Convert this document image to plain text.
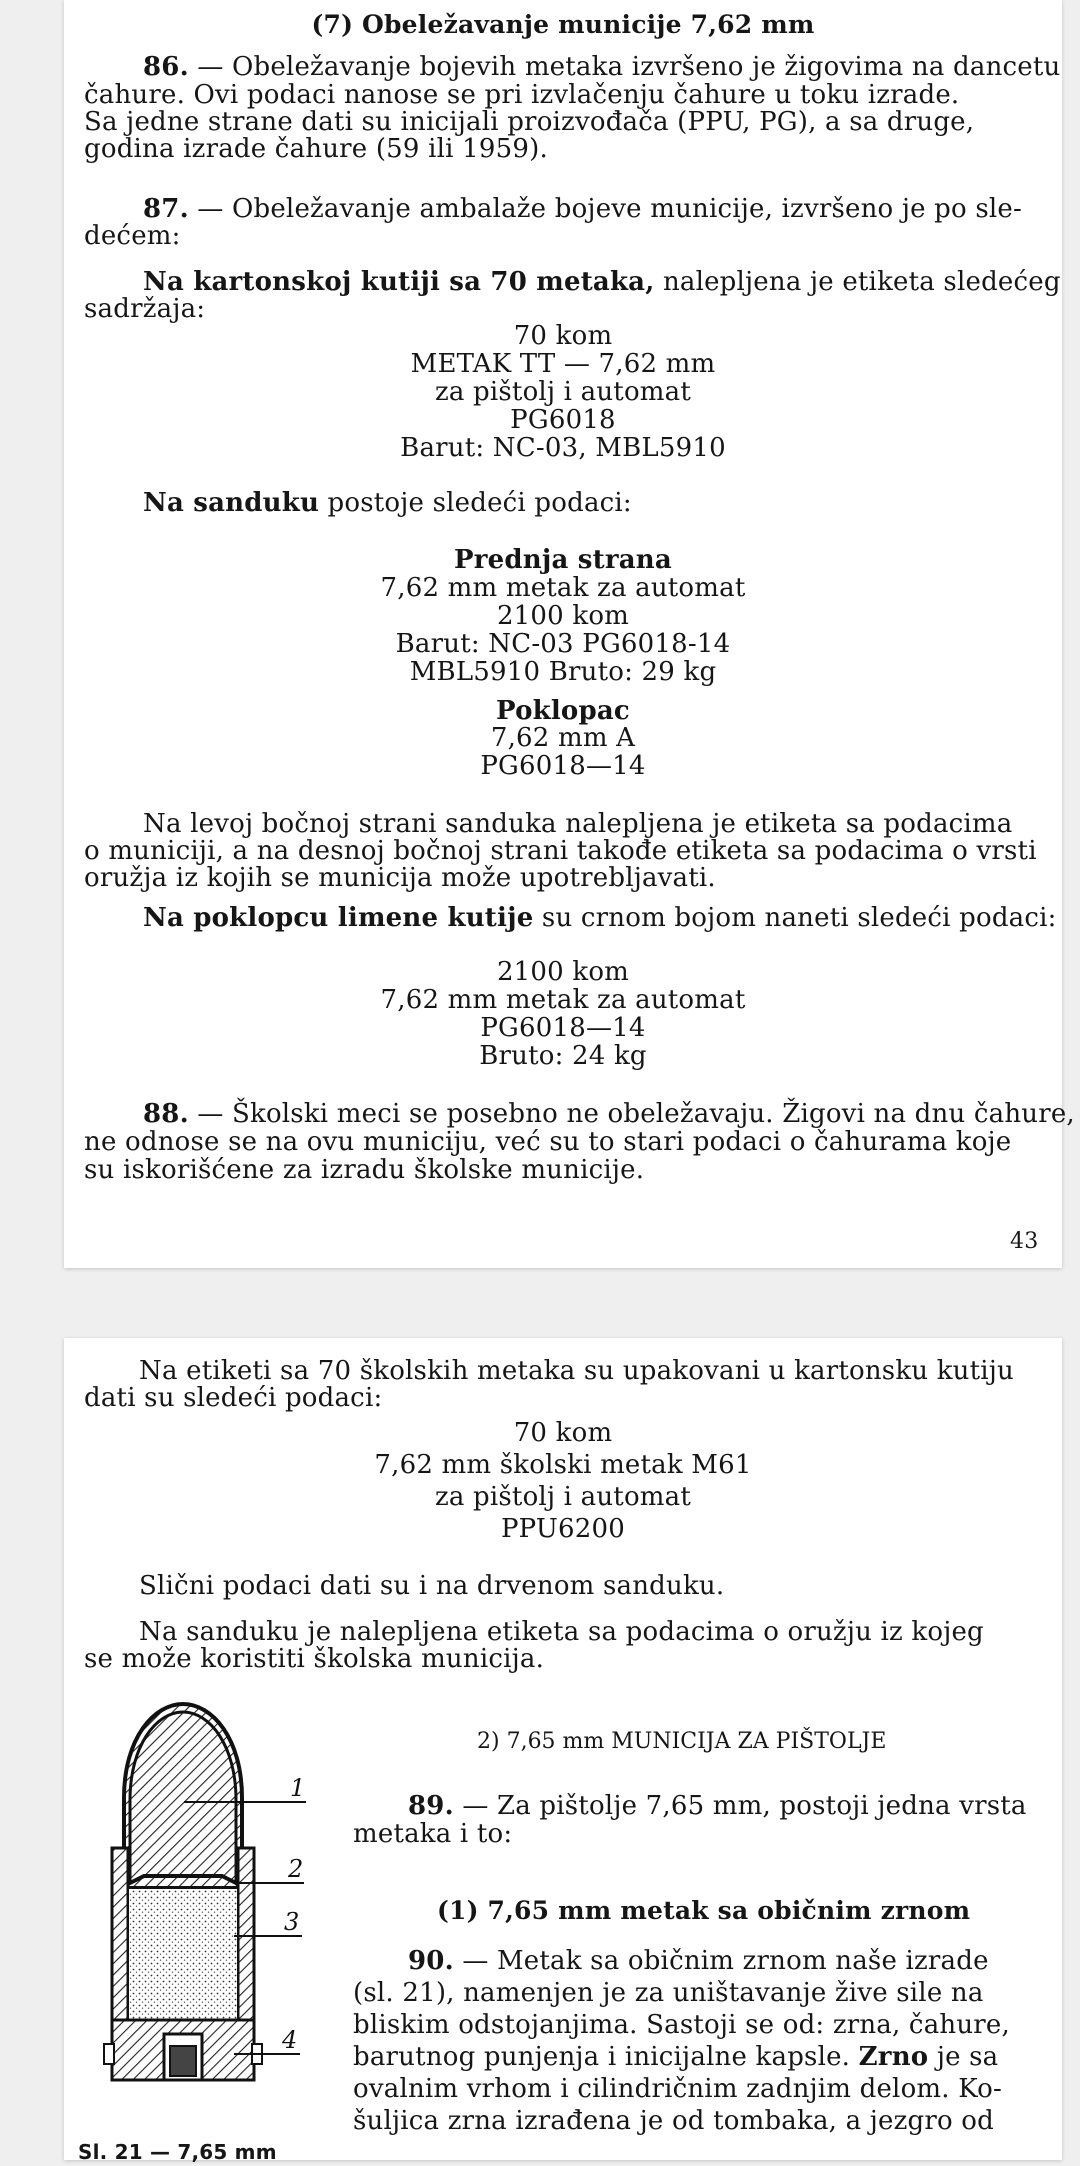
(7) Obeležavanje municije 7,62 mm
86. — Obeležavanje bojevih metaka izvršeno je žigovima na dancetu
čahure. Ovi podaci nanose se pri izvlačenju čahure u toku izrade.
Sa jedne strane dati su inicijali proizvođača (PPU, PG), a sa druge,
godina izrade čahure (59 ili 1959).
87. — Obeležavanje ambalaže bojeve municije, izvršeno je po sle-
dećem:
Na kartonskoj kutiji sa 70 metaka, nalepljena je etiketa sledećeg
sadržaja:
70 kom
METAK TT — 7,62 mm
za pištolj i automat
PG6018
Barut: NC-03, MBL5910
Na sanduku postoje sledeći podaci:
Prednja strana
7,62 mm metak za automat
2100 kom
Barut: NC-03 PG6018-14
MBL5910 Bruto: 29 kg
Poklopac
7,62 mm A
PG6018—14
Na levoj bočnoj strani sanduka nalepljena je etiketa sa podacima
o municiji, a na desnoj bočnoj strani takođe etiketa sa podacima o vrsti
oružja iz kojih se municija može upotrebljavati.
Na poklopcu limene kutije su crnom bojom naneti sledeći podaci:
2100 kom
7,62 mm metak za automat
PG6018—14
Bruto: 24 kg
88. — Školski meci se posebno ne obeležavaju. Žigovi na dnu čahure,
ne odnose se na ovu municiju, već su to stari podaci o čahurama koje
su iskorišćene za izradu školske municije.
43
Na etiketi sa 70 školskih metaka su upakovani u kartonsku kutiju
dati su sledeći podaci:
70 kom
7,62 mm školski metak M61
za pištolj i automat
PPU6200
Slični podaci dati su i na drvenom sanduku.
Na sanduku je nalepljena etiketa sa podacima o oružju iz kojeg
se može koristiti školska municija.
2) 7,65 mm MUNICIJA ZA PIŠTOLJE
89. — Za pištolje 7,65 mm, postoji jedna vrsta
metaka i to:
(1) 7,65 mm metak sa običnim zrnom
90. — Metak sa običnim zrnom naše izrade
(sl. 21), namenjen je za uništavanje žive sile na
bliskim odstojanjima. Sastoji se od: zrna, čahure,
barutnog punjenja i inicijalne kapsle. Zrno je sa
ovalnim vrhom i cilindričnim zadnjim delom. Ko-
šuljica zrna izrađena je od tombaka, a jezgro od
1
2
3
4
Sl. 21 — 7,65 mm
